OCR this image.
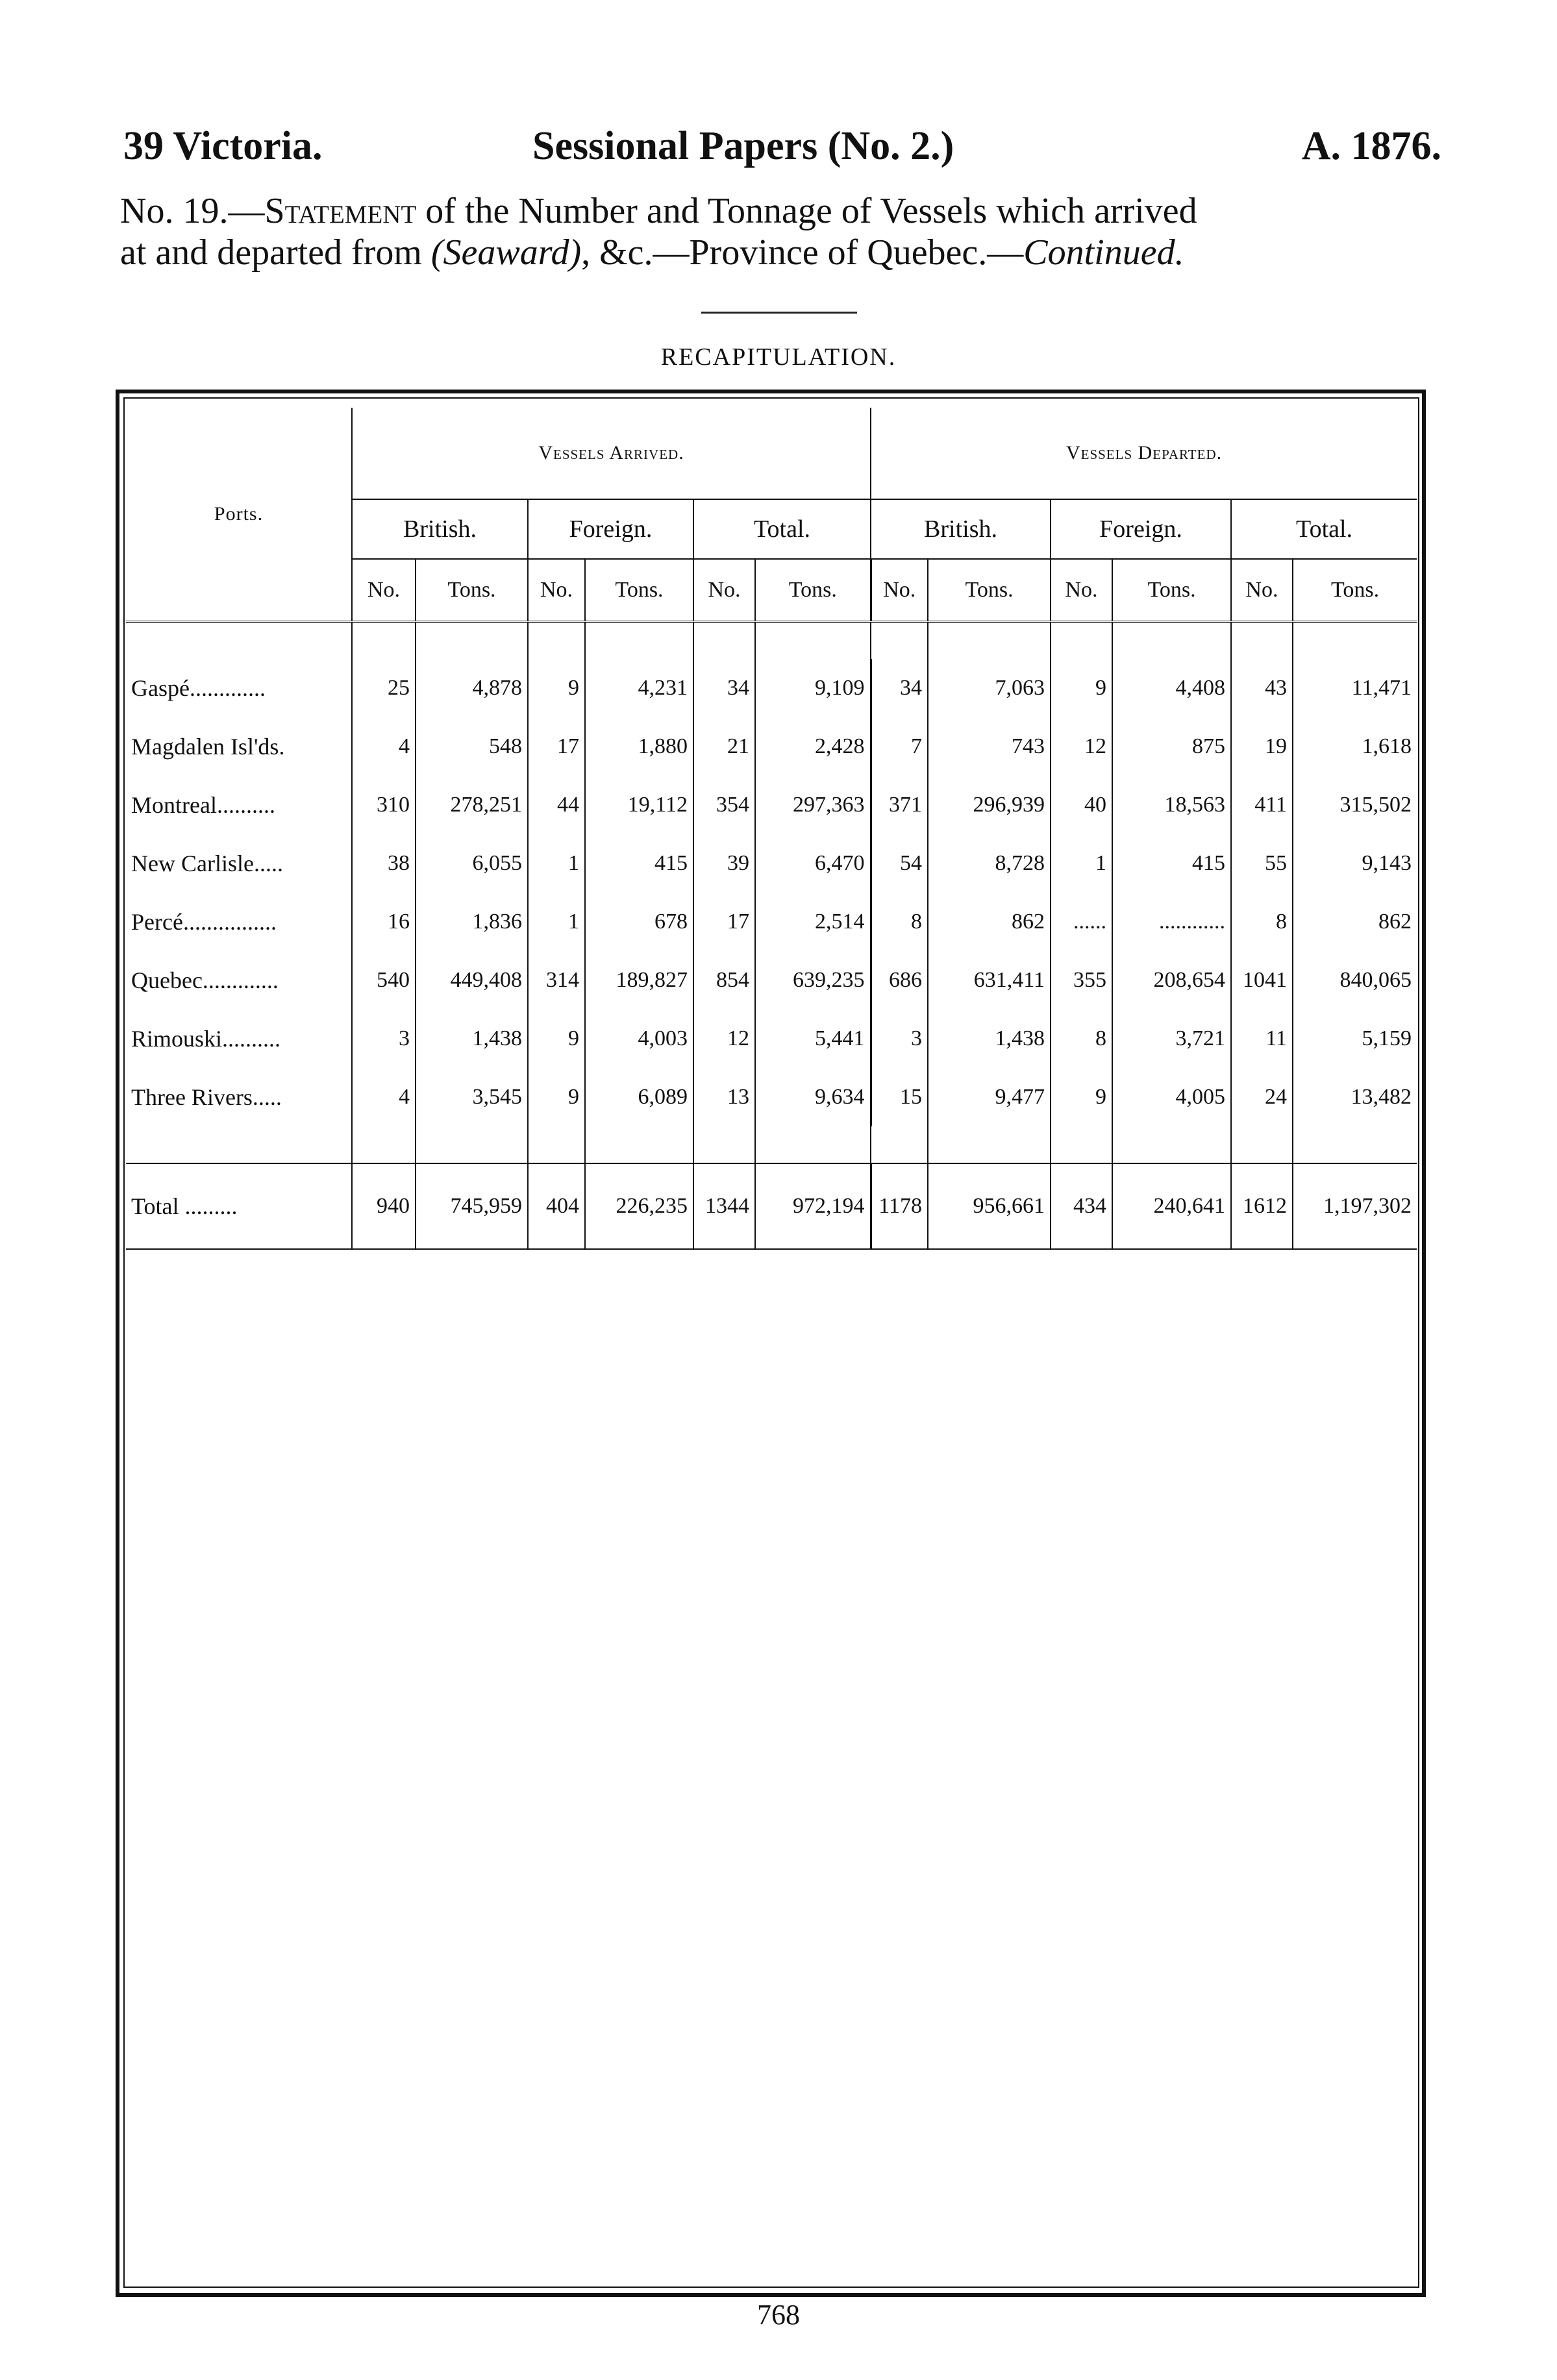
39 Victoria.	Sessional Papers (No. 2.)	A. 1876.
No. 19.—Statement of the Number and Tonnage of Vessels which arrived
at and departed from (Seaward), &c.—Province of Quebec.—Continued.
RECAPITULATION.
Ports.	Vessels Arrived.						Vessels Departed.					
	British.		Foreign.		Total.		British.		Foreign.		Total.	
	No.	Tons.	No.	Tons.	No.	Tons.	No.	Tons.	No.	Tons.	No.	Tons.

Gaspé.............	25	4,878	9	4,231	34	9,109	34	7,063	9	4,408	43	11,471
Magdalen Isl'ds.	4	548	17	1,880	21	2,428	7	743	12	875	19	1,618
Montreal..........	310	278,251	44	19,112	354	297,363	371	296,939	40	18,563	411	315,502
New Carlisle.....	38	6,055	1	415	39	6,470	54	8,728	1	415	55	9,143
Percé................	16	1,836	1	678	17	2,514	8	862	......	............	8	862
Quebec.............	540	449,408	314	189,827	854	639,235	686	631,411	355	208,654	1041	840,065
Rimouski..........	3	1,438	9	4,003	12	5,441	3	1,438	8	3,721	11	5,159
Three Rivers.....	4	3,545	9	6,089	13	9,634	15	9,477	9	4,005	24	13,482

Total .........	940	745,959	404	226,235	1344	972,194	1178	956,661	434	240,641	1612	1,197,302
768
